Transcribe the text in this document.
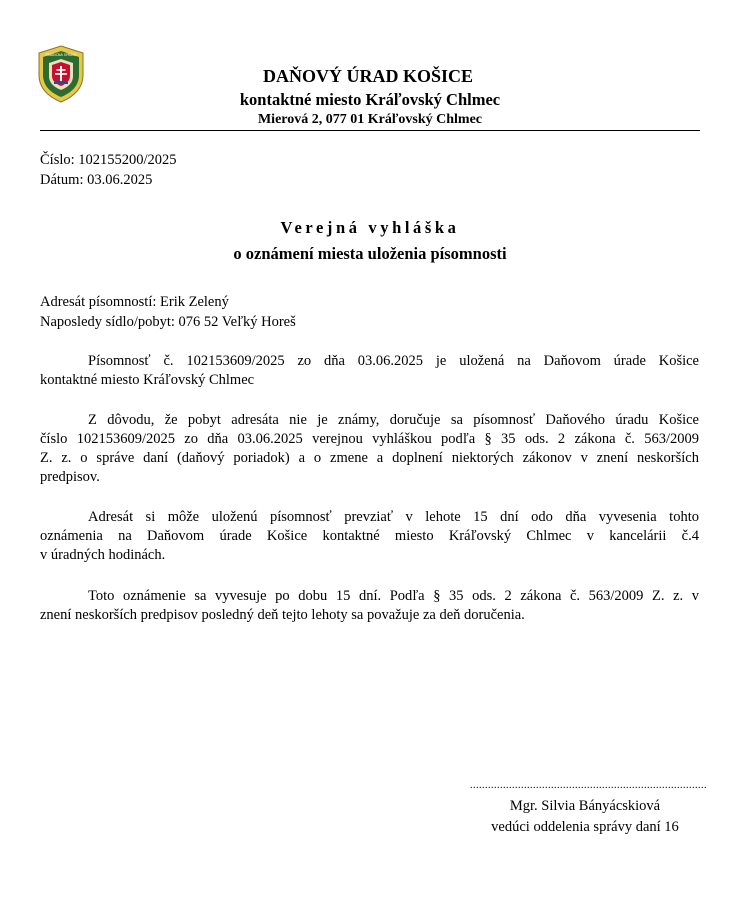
FINANČNÁ SPRÁVA
DAŇOVÝ ÚRAD KOŠICE
kontaktné miesto Kráľovský Chlmec
Mierová 2, 077 01 Kráľovský Chlmec
Číslo: 102155200/2025
Dátum: 03.06.2025
Verejná vyhláška
o oznámení miesta uloženia písomnosti
Adresát písomností: Erik Zelený
Naposledy sídlo/pobyt: 076 52 Veľký Horeš
Písomnosť č. 102153609/2025 zo dňa 03.06.2025 je uložená na Daňovom úrade Košice
kontaktné miesto Kráľovský Chlmec
Z dôvodu, že pobyt adresáta nie je známy, doručuje sa písomnosť Daňového úradu Košice
číslo 102153609/2025 zo dňa 03.06.2025 verejnou vyhláškou podľa § 35 ods. 2 zákona č. 563/2009
Z. z. o správe daní (daňový poriadok) a o zmene a doplnení niektorých zákonov v znení neskorších
predpisov.
Adresát si môže uloženú písomnosť prevziať v lehote 15 dní odo dňa vyvesenia tohto
oznámenia na Daňovom úrade Košice kontaktné miesto Kráľovský Chlmec v kancelárii č.4
v úradných hodinách.
Toto oznámenie sa vyvesuje po dobu 15 dní. Podľa § 35 ods. 2 zákona č. 563/2009 Z. z. v
znení neskorších predpisov posledný deň tejto lehoty sa považuje za deň doručenia.
...............................................................................
Mgr. Silvia Bányácskiová
vedúci oddelenia správy daní 16
